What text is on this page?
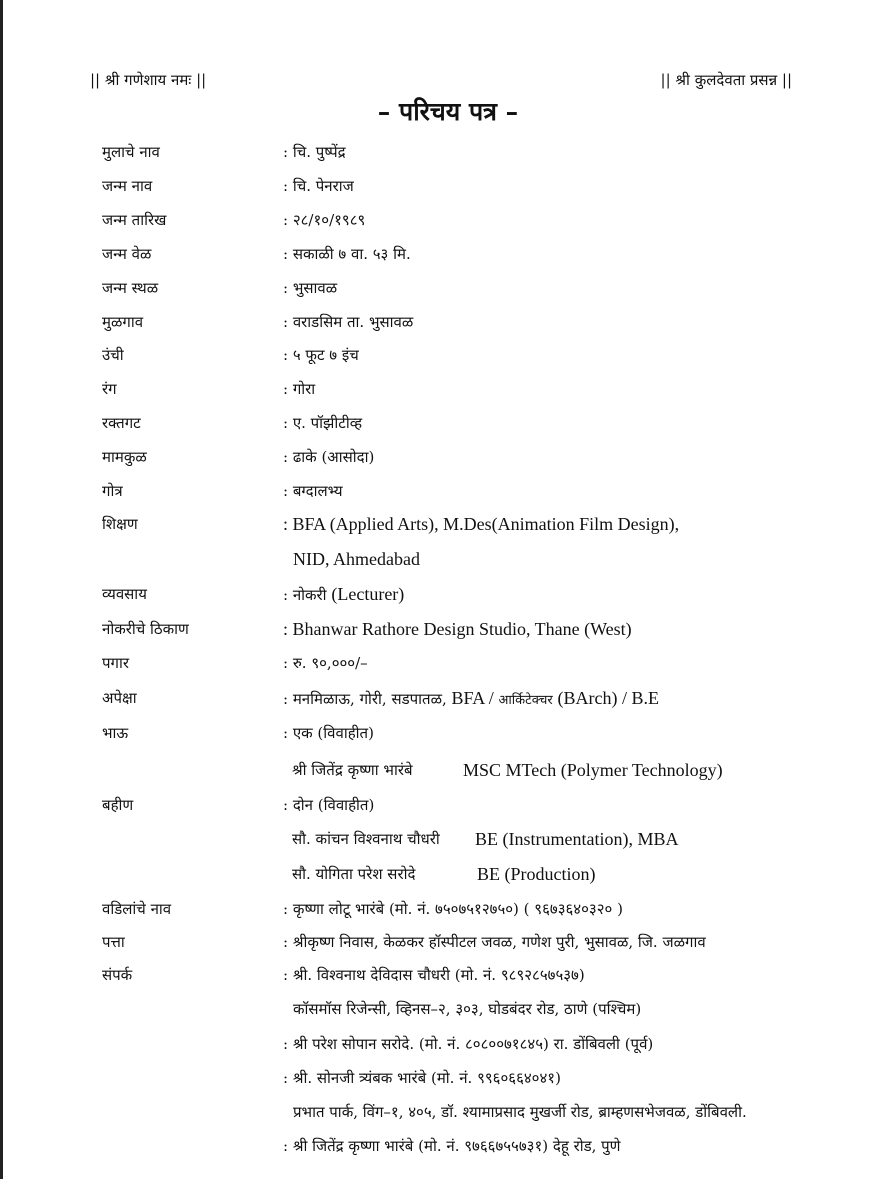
|| श्री गणेशाय नमः ||	|| श्री कुलदेवता प्रसन्न ||
– परिचय पत्र –
मुलाचे नाव	: चि. पुष्पेंद्र
जन्म नाव	: चि. पेनराज
जन्म तारिख	: २८/१०/१९८९
जन्म वेळ	: सकाळी ७ वा. ५३ मि.
जन्म स्थळ	: भुसावळ
मुळगाव	: वराडसिम ता. भुसावळ
उंची	: ५ फूट ७ इंच
रंग	: गोरा
रक्तगट	: ए. पॉझीटीव्ह
मामकुळ	: ढाके (आसोदा)
गोत्र	: बग्दालभ्य
शिक्षण	: BFA (Applied Arts), M.Des(Animation Film Design),
NID, Ahmedabad
व्यवसाय	: नोकरी (Lecturer)
नोकरीचे ठिकाण	: Bhanwar Rathore Design Studio, Thane (West)
पगार	: रु. ९०,०००/–
अपेक्षा	: मनमिळाऊ, गोरी, सडपातळ, BFA / आर्किटेक्चर (BArch) / B.E
भाऊ	: एक (विवाहीत)
श्री जितेंद्र कृष्णा भारंबे	MSC MTech (Polymer Technology)
बहीण	: दोन (विवाहीत)
सौ. कांचन विश्वनाथ चौधरी BE (Instrumentation), MBA
सौ. योगिता परेश सरोदे	BE (Production)
वडिलांचे नाव	: कृष्णा लोटू भारंबे (मो. नं. ७५०७५१२७५०) ( ९६७३६४०३२० )
पत्ता	: श्रीकृष्ण निवास, केळकर हॉस्पीटल जवळ, गणेश पुरी, भुसावळ, जि. जळगाव
संपर्क	: श्री. विश्वनाथ देविदास चौधरी (मो. नं. ९८९२८५७५३७)
कॉसमॉस रिजेन्सी, व्हिनस–२, ३०३, घोडबंदर रोड, ठाणे (पश्चिम)
: श्री परेश सोपान सरोदे. (मो. नं. ८०८००७१८४५) रा. डोंबिवली (पूर्व)
: श्री. सोनजी त्र्यंबक भारंबे (मो. नं. ९९६०६६४०४१)
प्रभात पार्क, विंग–१, ४०५, डॉ. श्यामाप्रसाद मुखर्जी रोड, ब्राम्हणसभेजवळ, डोंबिवली.
: श्री जितेंद्र कृष्णा भारंबे (मो. नं. ९७६६७५५७३१) देहू रोड, पुणे
